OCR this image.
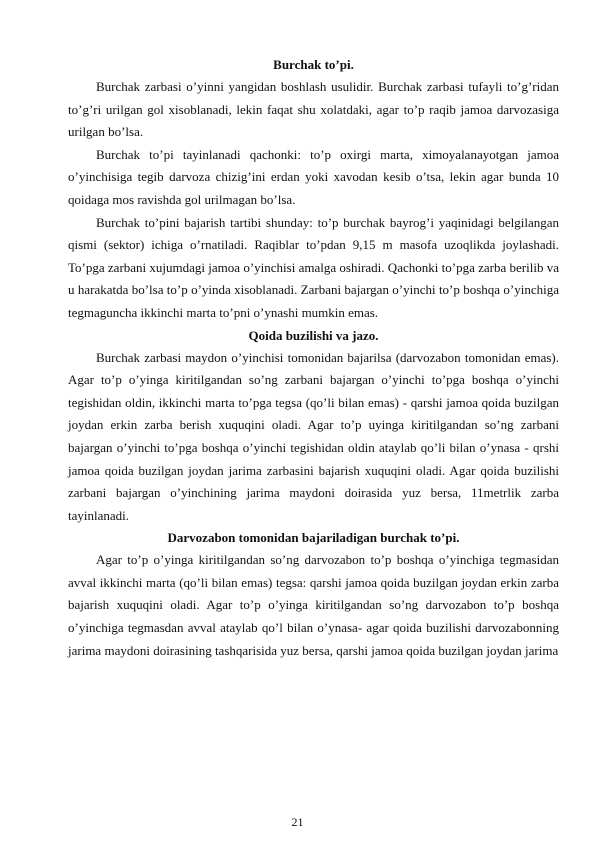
Burchak to’pi.

Burchak zarbasi o’yinni yangidan boshlash usulidir. Burchak zarbasi tufayli to’g’ridan to’g’ri urilgan gol xisoblanadi, lekin faqat shu xolatdaki, agar to’p raqib jamoa darvozasiga urilgan bo’lsa.

Burchak to’pi tayinlanadi qachonki: to’p oxirgi marta, ximoyalanayotgan jamoa o’yinchisiga tegib darvoza chizig’ini erdan yoki xavodan kesib o’tsa, lekin agar bunda 10 qoidaga mos ravishda gol urilmagan bo’lsa.

Burchak to’pini bajarish tartibi shunday: to’p burchak bayrog’i yaqinidagi belgilangan qismi (sektor) ichiga o’rnatiladi. Raqiblar to’pdan 9,15 m masofa uzoqlikda joylashadi. To’pga zarbani xujumdagi jamoa o’yinchisi amalga oshiradi. Qachonki to’pga zarba berilib va u harakatda bo’lsa to’p o’yinda xisoblanadi. Zarbani bajargan o’yinchi to’p boshqa o’yinchiga tegmaguncha ikkinchi marta to’pni o’ynashi mumkin emas.

Qoida buzilishi va jazo.

Burchak zarbasi maydon o’yinchisi tomonidan bajarilsa (darvozabon tomonidan emas). Agar to’p o’yinga kiritilgandan so’ng zarbani bajargan o’yinchi to’pga boshqa o’yinchi tegishidan oldin, ikkinchi marta to’pga tegsa (qo’li bilan emas) - qarshi jamoa qoida buzilgan joydan erkin zarba berish xuquqini oladi. Agar to’p uyinga kiritilgandan so’ng zarbani bajargan o’yinchi to’pga boshqa o’yinchi tegishidan oldin ataylab qo’li bilan o’ynasa - qrshi jamoa qoida buzilgan joydan jarima zarbasini bajarish xuquqini oladi. Agar qoida buzilishi zarbani bajargan o’yinchining jarima maydoni doirasida yuz bersa, 11metrlik zarba tayinlanadi.

Darvozabon tomonidan bajariladigan burchak to’pi.

Agar to’p o’yinga kiritilgandan so’ng darvozabon to’p boshqa o’yinchiga tegmasidan avval ikkinchi marta (qo’li bilan emas) tegsa: qarshi jamoa qoida buzilgan joydan erkin zarba bajarish xuquqini oladi. Agar to’p o’yinga kiritilgandan so’ng darvozabon to’p boshqa o’yinchiga tegmasdan avval ataylab qo’l bilan o’ynasa- agar qoida buzilishi darvozabonning jarima maydoni doirasining tashqarisida yuz bersa, qarshi jamoa qoida buzilgan joydan jarima

21
